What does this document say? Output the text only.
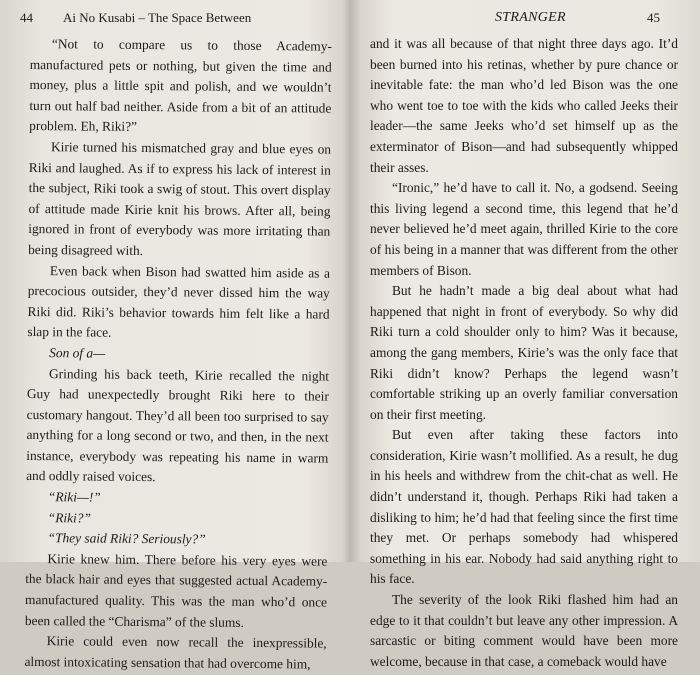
44 Ai No Kusabi – The Space Between

“Not to compare us to those Academy-manufactured pets or nothing, but given the time and money, plus a little spit and polish, and we wouldn’t turn out half bad neither. Aside from a bit of an attitude problem. Eh, Riki?”

Kirie turned his mismatched gray and blue eyes on Riki and laughed. As if to express his lack of interest in the subject, Riki took a swig of stout. This overt display of attitude made Kirie knit his brows. After all, being ignored in front of everybody was more irritating than being disagreed with.

Even back when Bison had swatted him aside as a precocious outsider, they’d never dissed him the way Riki did. Riki’s behavior towards him felt like a hard slap in the face.

Son of a—

Grinding his back teeth, Kirie recalled the night Guy had unexpectedly brought Riki here to their customary hangout. They’d all been too surprised to say anything for a long second or two, and then, in the next instance, everybody was repeating his name in warm and oddly raised voices.

“Riki—!”

“Riki?”

“They said Riki? Seriously?”

Kirie knew him. There before his very eyes were the black hair and eyes that suggested actual Academy-manufactured quality. This was the man who’d once been called the “Charisma” of the slums.

Kirie could even now recall the inexpressible, almost intoxicating sensation that had overcome him,

STRANGER	45

and it was all because of that night three days ago. It’d been burned into his retinas, whether by pure chance or inevitable fate: the man who’d led Bison was the one who went toe to toe with the kids who called Jeeks their leader—the same Jeeks who’d set himself up as the exterminator of Bison—and had subsequently whipped their asses.

“Ironic,” he’d have to call it. No, a godsend. Seeing this living legend a second time, this legend that he’d never believed he’d meet again, thrilled Kirie to the core of his being in a manner that was different from the other members of Bison.

But he hadn’t made a big deal about what had happened that night in front of everybody. So why did Riki turn a cold shoulder only to him? Was it because, among the gang members, Kirie’s was the only face that Riki didn’t know? Perhaps the legend wasn’t comfortable striking up an overly familiar conversation on their first meeting.

But even after taking these factors into consideration, Kirie wasn’t mollified. As a result, he dug in his heels and withdrew from the chit-chat as well. He didn’t understand it, though. Perhaps Riki had taken a disliking to him; he’d had that feeling since the first time they met. Or perhaps somebody had whispered something in his ear. Nobody had said anything right to his face.

The severity of the look Riki flashed him had an edge to it that couldn’t but leave any other impression. A sarcastic or biting comment would have been more welcome, because in that case, a comeback would have
